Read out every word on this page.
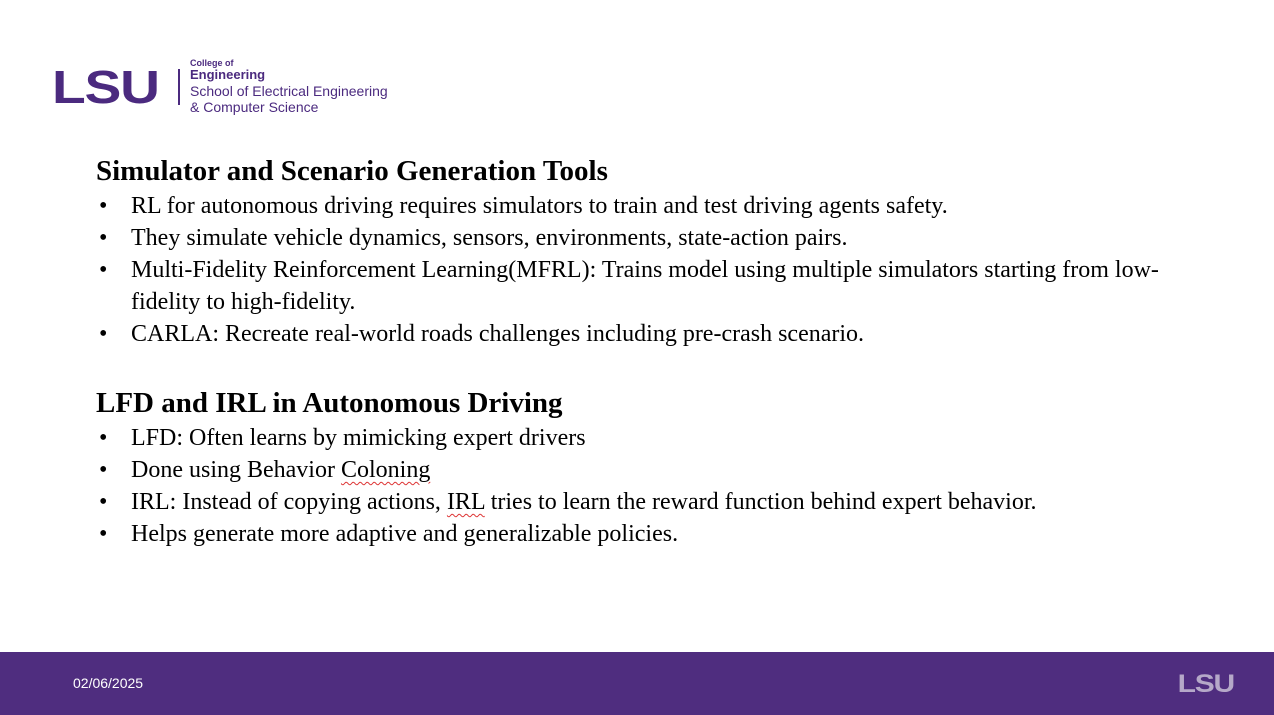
LSU	College of
Engineering
School of Electrical Engineering
& Computer Science
Simulator and Scenario Generation Tools
• RL for autonomous driving requires simulators to train and test driving agents safety.
• They simulate vehicle dynamics, sensors, environments, state-action pairs.
• Multi-Fidelity Reinforcement Learning(MFRL): Trains model using multiple simulators starting from low-fidelity to high-fidelity.
• CARLA: Recreate real-world roads challenges including pre-crash scenario.
LFD and IRL in Autonomous Driving
• LFD: Often learns by mimicking expert drivers
• Done using Behavior Coloning
• IRL: Instead of copying actions, IRL tries to learn the reward function behind expert behavior.
• Helps generate more adaptive and generalizable policies.
02/06/2025	LSU
